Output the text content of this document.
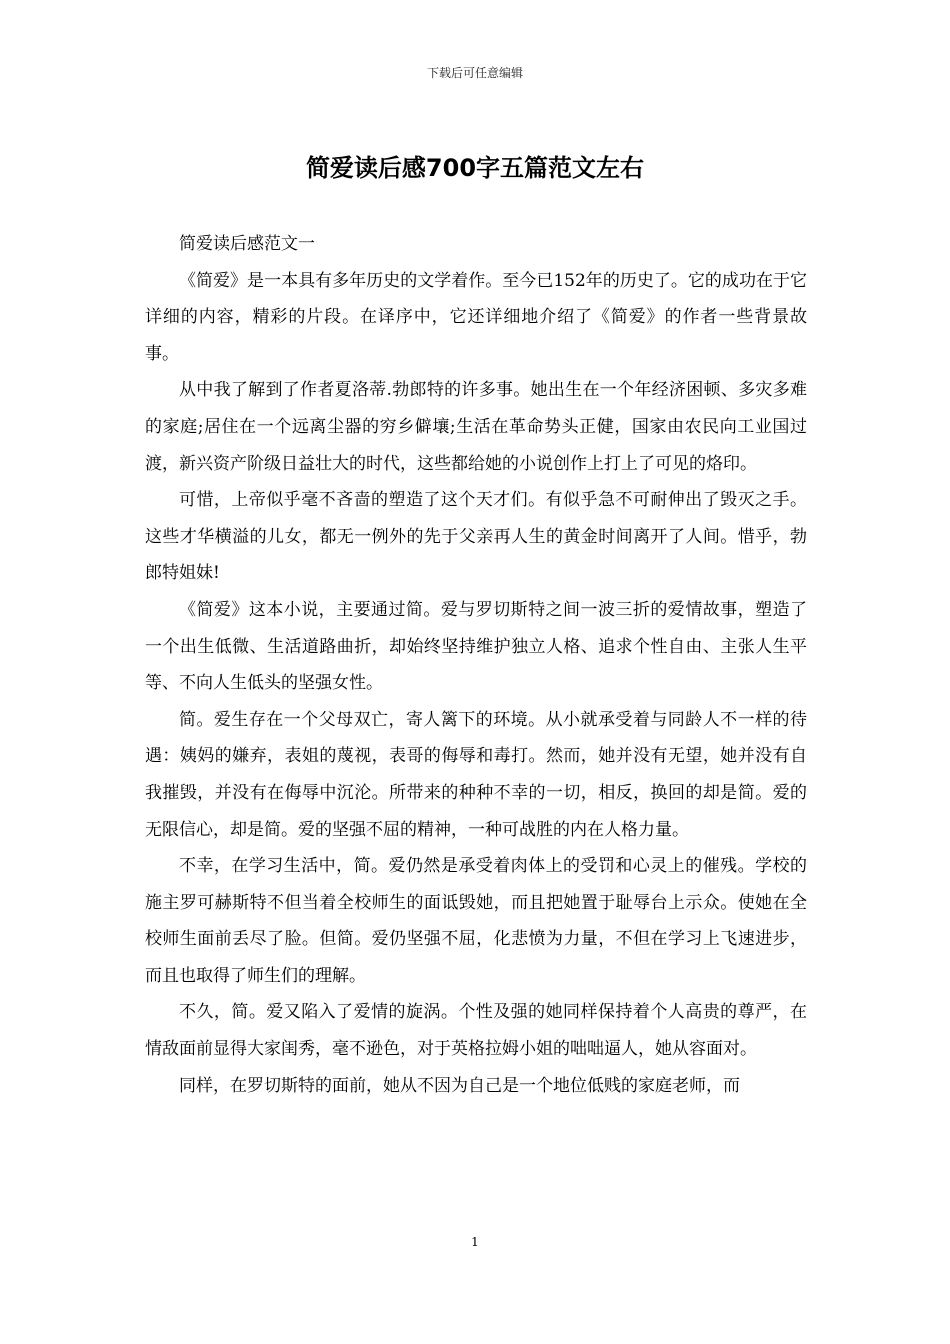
下载后可任意编辑
简爱读后感700字五篇范文左右

简爱读后感范文一

《简爱》是一本具有多年历史的文学着作。至今已152年的历史了。它的成功在于它详细的内容，精彩的片段。在译序中，它还详细地介绍了《简爱》的作者一些背景故事。

从中我了解到了作者夏洛蒂.勃郎特的许多事。她出生在一个年经济困顿、多灾多难的家庭;居住在一个远离尘器的穷乡僻壤;生活在革命势头正健，国家由农民向工业国过渡，新兴资产阶级日益壮大的时代，这些都给她的小说创作上打上了可见的烙印。

可惜，上帝似乎毫不吝啬的塑造了这个天才们。有似乎急不可耐伸出了毁灭之手。这些才华横溢的儿女，都无一例外的先于父亲再人生的黄金时间离开了人间。惜乎，勃郎特姐妹!

《简爱》这本小说，主要通过简。爱与罗切斯特之间一波三折的爱情故事，塑造了一个出生低微、生活道路曲折，却始终坚持维护独立人格、追求个性自由、主张人生平等、不向人生低头的坚强女性。

简。爱生存在一个父母双亡，寄人篱下的环境。从小就承受着与同龄人不一样的待遇：姨妈的嫌弃，表姐的蔑视，表哥的侮辱和毒打。然而，她并没有无望，她并没有自我摧毁，并没有在侮辱中沉沦。所带来的种种不幸的一切，相反，换回的却是简。爱的无限信心，却是简。爱的坚强不屈的精神，一种可战胜的内在人格力量。

不幸，在学习生活中，简。爱仍然是承受着肉体上的受罚和心灵上的催残。学校的施主罗可赫斯特不但当着全校师生的面诋毁她，而且把她置于耻辱台上示众。使她在全校师生面前丢尽了脸。但简。爱仍坚强不屈，化悲愤为力量，不但在学习上飞速进步，而且也取得了师生们的理解。

不久，简。爱又陷入了爱情的旋涡。个性及强的她同样保持着个人高贵的尊严，在情敌面前显得大家闺秀，毫不逊色，对于英格拉姆小姐的咄咄逼人，她从容面对。

同样，在罗切斯特的面前，她从不因为自己是一个地位低贱的家庭老师，而

1
